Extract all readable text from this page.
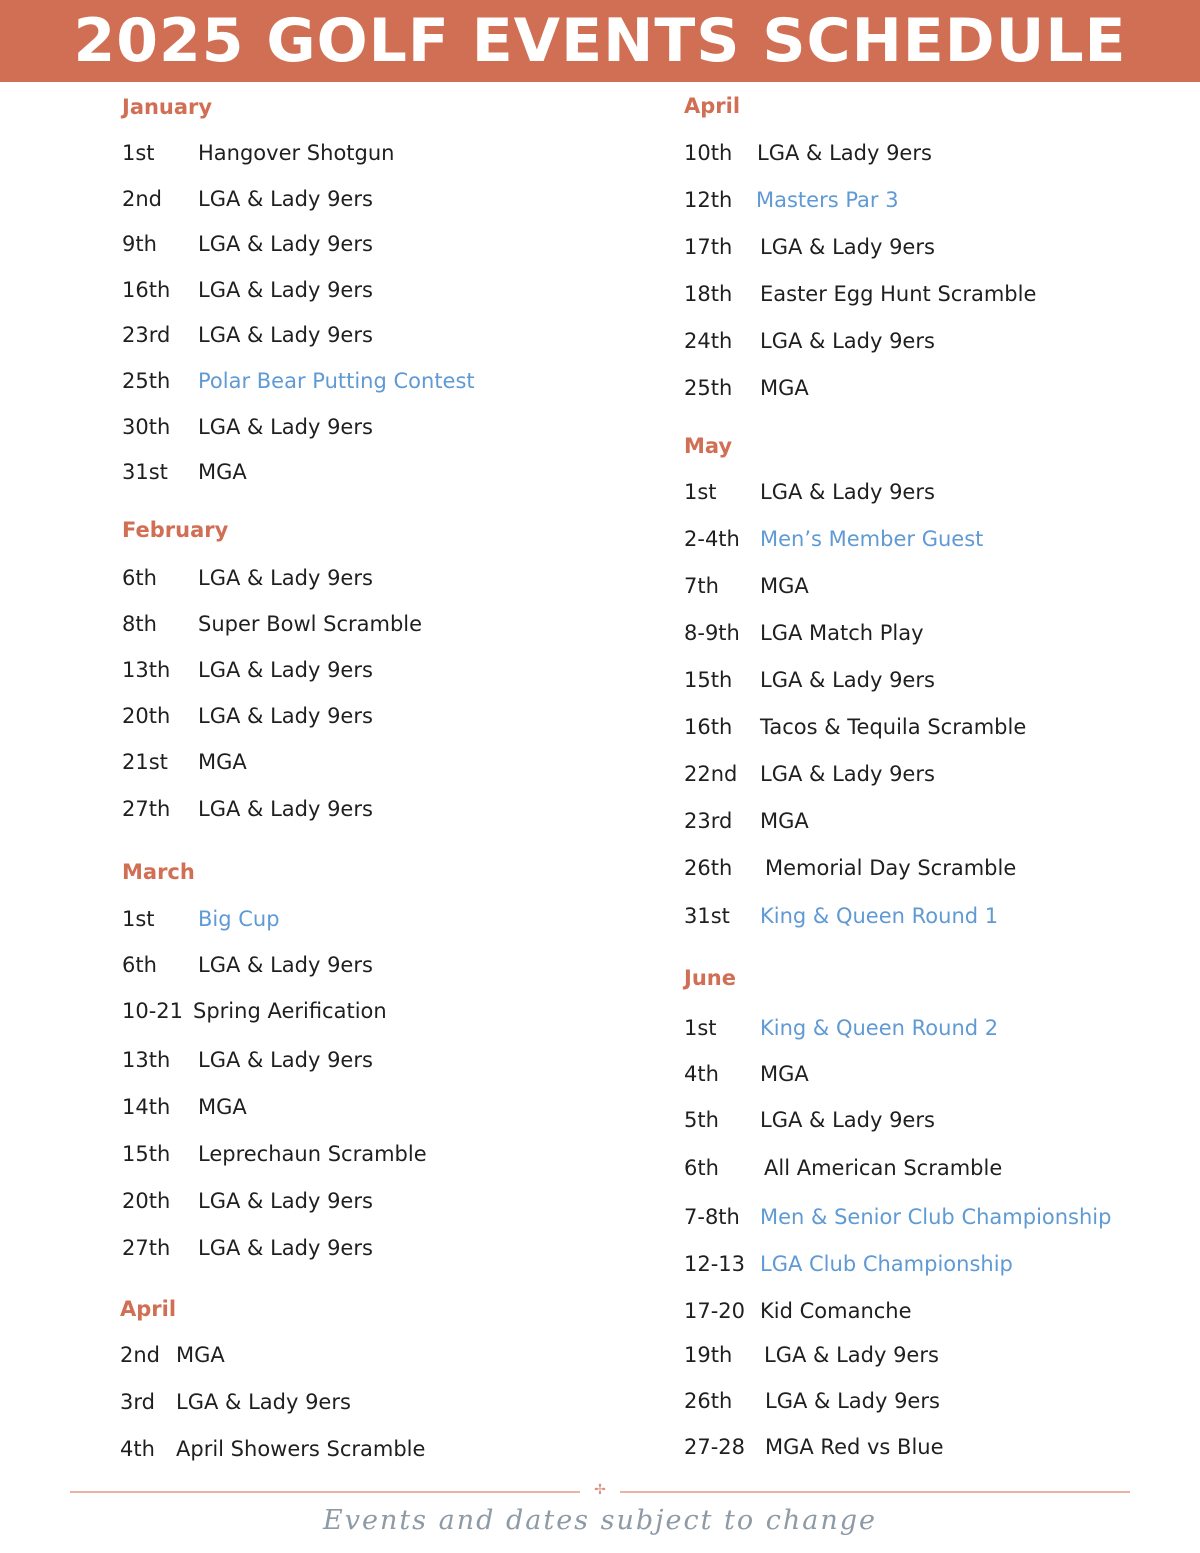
2025 GOLF EVENTS SCHEDULE
January
1st Hangover Shotgun
2nd LGA & Lady 9ers
9th LGA & Lady 9ers
16th LGA & Lady 9ers
23rd LGA & Lady 9ers
25th Polar Bear Putting Contest
30th LGA & Lady 9ers
31st MGA
February
6th LGA & Lady 9ers
8th Super Bowl Scramble
13th LGA & Lady 9ers
20th LGA & Lady 9ers
21st MGA
27th LGA & Lady 9ers
March
1st Big Cup
6th LGA & Lady 9ers
10-21 Spring Aerification
13th LGA & Lady 9ers
14th MGA
15th Leprechaun Scramble
20th LGA & Lady 9ers
27th LGA & Lady 9ers
April
2nd MGA
3rd LGA & Lady 9ers
4th April Showers Scramble
April
10th LGA & Lady 9ers
12th Masters Par 3
17th LGA & Lady 9ers
18th Easter Egg Hunt Scramble
24th LGA & Lady 9ers
25th MGA
May
1st LGA & Lady 9ers
2-4th Men’s Member Guest
7th MGA
8-9th LGA Match Play
15th LGA & Lady 9ers
16th Tacos & Tequila Scramble
22nd LGA & Lady 9ers
23rd MGA
26th Memorial Day Scramble
31st King & Queen Round 1
June
1st King & Queen Round 2
4th MGA
5th LGA & Lady 9ers
6th All American Scramble
7-8th Men & Senior Club Championship
12-13 LGA Club Championship
17-20 Kid Comanche
19th LGA & Lady 9ers
26th LGA & Lady 9ers
27-28 MGA Red vs Blue
✢
Events and dates subject to change
